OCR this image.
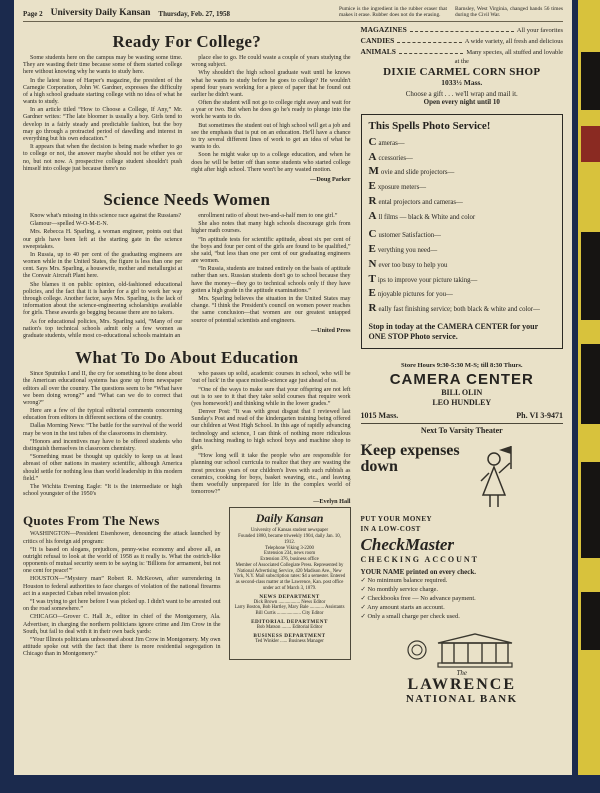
Page 2 University Daily Kansan Thursday, Feb. 27, 1958

Pumice is the ingredient in the rubber eraser that makes it erase. Rubber does not do the erasing.

Barnsley, West Virginia, changed hands 56 times during the Civil War.

Ready For College?

Some students here on the campus may be wasting some time. They are wasting their time because some of them started college here without knowing why he wants to study here.

In the latest issue of Harper's magazine, the president of the Carnegie Corporation, John W. Gardner, expresses the difficulty of a high school graduate starting college with no idea of what he wants to study.

In an article titled “How to Choose a College, If Any,” Mr. Gardner writes: “The late bloomer is usually a boy. Girls tend to develop in a fairly steady and predictable fashion, but the boy may go through a protracted period of dawdling and interest in everything but his own education.”

It appears that when the decision is being made whether to go to college or not, the answer maybe should not be either yes or no, but not now. A prospective college student shouldn't push himself into college just because there's no

place else to go. He could waste a couple of years studying the wrong subject.

Why shouldn't the high school graduate wait until he knows what he wants to study before he goes to college? He wouldn't spend four years working for a piece of paper that he found out earlier he didn't want.

Often the student will not go to college right away and wait for a year or two. But when he does go he's ready to plunge into the work he wants to do.

But sometimes the student out of high school will get a job and see the emphasis that is put on an education. He'll have a chance to try several different lines of work to get an idea of what he wants to do.

Soon he might wake up to a college education, and when he does he will be better off than some students who started college right after high school. There won't be any wasted motion.

—Doug Parker
Science Needs Women

Know what's missing in this science race against the Russians?

Glamour—spelled W-O-M-E-N.

Mrs. Rebecca H. Sparling, a woman engineer, points out that our girls have been left at the starting gate in the science sweepstakes.

In Russia, up to 40 per cent of the graduating engineers are women while in the United States, the figure is less than one per cent. Says Mrs. Sparling, a housewife, mother and metallurgist at the Convair Aircraft Plant here.

She blames it on public opinion, old-fashioned educational policies, and the fact that it is harder for a girl to work her way through college. Another factor, says Mrs. Sparling, is the lack of information about the science-engineering scholarships available for girls. These awards go begging because there are no takers.

As for educational policies, Mrs. Sparling said, “Many of our nation's top technical schools admit only a few women as graduate students, while most co-educational schools maintain an

enrollment ratio of about two-and-a-half men to one girl.”

She also notes that many high schools discourage girls from higher math courses.

“In aptitude tests for scientific aptitude, about six per cent of the boys and four per cent of the girls are found to be qualified,” she said, “but less than one per cent of our graduating engineers are women.

“In Russia, students are trained entirely on the basis of aptitude rather than sex. Russian students don't go to school because they have the money—they go to technical schools only if they have gotten a high grade in the aptitude examinations.”

Mrs. Sparling believes the situation in the United States may change. “I think the President's council on women power reaches the same conclusion—that women are our greatest untapped source of potential scientists and engineers.

—United Press
What To Do About Education

Since Sputniks I and II, the cry for something to be done about the American educational systems has gone up from newspaper editors all over the country. The questions seem to be “What have we been doing wrong?” and “What can we do to correct that wrong?”

Here are a few of the typical editorial comments concerning education from editors in different sections of the country.

Dallas Morning News: “The battle for the survival of the world may be won in the test tubes of the classrooms in chemistry.

“Honors and incentives may have to be offered students who distinguish themselves in classroom chemistry.

“Something must be thought up quickly to keep us at least abreast of other nations in mastery scientific, although America should settle for nothing less than world leadership in this modern field.”

The Wichita Evening Eagle: “It is the intermediate or high school youngster of the 1950's

who passes up solid, academic courses in school, who will be 'out of luck' in the space missile-science age just ahead of us.

“One of the ways to make sure that your offspring are not left out is to see to it that they take solid courses that require work (yes homework!) and thinking while in the lower grades.”

Denver Post: “It was with great disgust that I reviewed last Sunday's Post and read of the kindergarten training being offered our children at West High School. In this age of rapidly advancing technology and science, I can think of nothing more ridiculous than teaching reading to high school boys and machine shop to girls.

“How long will it take the people who are responsible for planning our school curricula to realize that they are wasting the most precious years of our children's lives with such rubbish as ceramics, cooking for boys, basket weaving, etc., and leaving them woefully unprepared for life in the complex world of tomorrow?”

—Evelyn Hall
Quotes From The News

WASHINGTON—President Eisenhower, denouncing the attack launched by critics of his foreign aid program:

“It is based on slogans, prejudices, penny-wise economy and above all, an outright refusal to look at the world of 1958 as it really is. What the ostrich-like opponents of mutual security seem to be saying is: 'Billions for armament, but not one cent for peace!'”

HOUSTON—“Mystery man” Robert R. McKeown, after surrendering in Houston to federal authorities to face charges of violation of the national firearms act in a suspected Cuban rebel invasion plot:

“I was trying to get here before I was picked up. I didn't want to be arrested out on the road somewhere.”

CHICAGO—Grover C. Hall Jr., editor in chief of the Montgomery, Ala. Advertiser, in charging the northern politicians ignore crime and Jim Crow in the South, but fail to deal with it in their own back yards:

“Your Illinois politicians unbosomed about Jim Crow in Montgomery. My own attitude spoke out with the fact that there is more residential segregation in Chicago than in Montgomery.”

Daily Kansan

University of Kansas student newspaper

Founded 1880, became triweekly 1904, daily Jan. 10, 1912.

Telephone Viking 3-2200

Extension 234, news room

Extension 376, business office

Member of Associated Collegiate Press. Represented by National Advertising Service, 420 Madison Ave., New York, N.Y. Mail subscription rates: $4 a semester. Entered as second-class matter at the Lawrence, Kan. post office under act of March 3, 1879.

NEWS DEPARTMENT

Dick Brown .................. News Editor

Larry Boston, Bob Hartley, Mary Bale ............ Assistants

Bill Curtis .................... City Editor

EDITORIAL DEPARTMENT

Bob Matson ........ Editorial Editor

BUSINESS DEPARTMENT

Ted Winkler ...... Business Manager

MAGAZINES	All your favorites
CANDIES	A wide variety, all fresh and delicious
ANIMALS	Many species, all stuffed and lovable
at the
DIXIE CARMEL CORN SHOP
1033½ Mass.
Choose a gift . . . we'll wrap and mail it.
Open every night until 10
This Spells Photo Service!

Cameras—

Accessories—

Movie and slide projectors—

Exposure meters—

Rental projectors and cameras—

All films — black & White and color

Customer Satisfaction—

Everything you need—

Never too busy to help you

Tips to improve your picture taking—

Enjoyable pictures for you—

Really fast finishing service; both black & white and color—

Stop in today at the CAMERA CENTER for your ONE STOP Photo service.
Store Hours 9:30-5:30 M-S; till 8:30 Thurs.
CAMERA CENTER
BILL OLIN
LEO HUNDLEY
1015 Mass.	Ph. VI 3-9471
Next To Varsity Theater
Keep expenses down
PUT YOUR MONEY
IN A LOW-COST
CheckMaster
CHECKING ACCOUNT
YOUR NAME printed on every check.

✓ No minimum balance required.

✓ No monthly service charge.

✓ Checkbooks free — No advance payment.

✓ Any amount starts an account.

✓ Only a small charge per check used.

The
LAWRENCE
NATIONAL BANK
